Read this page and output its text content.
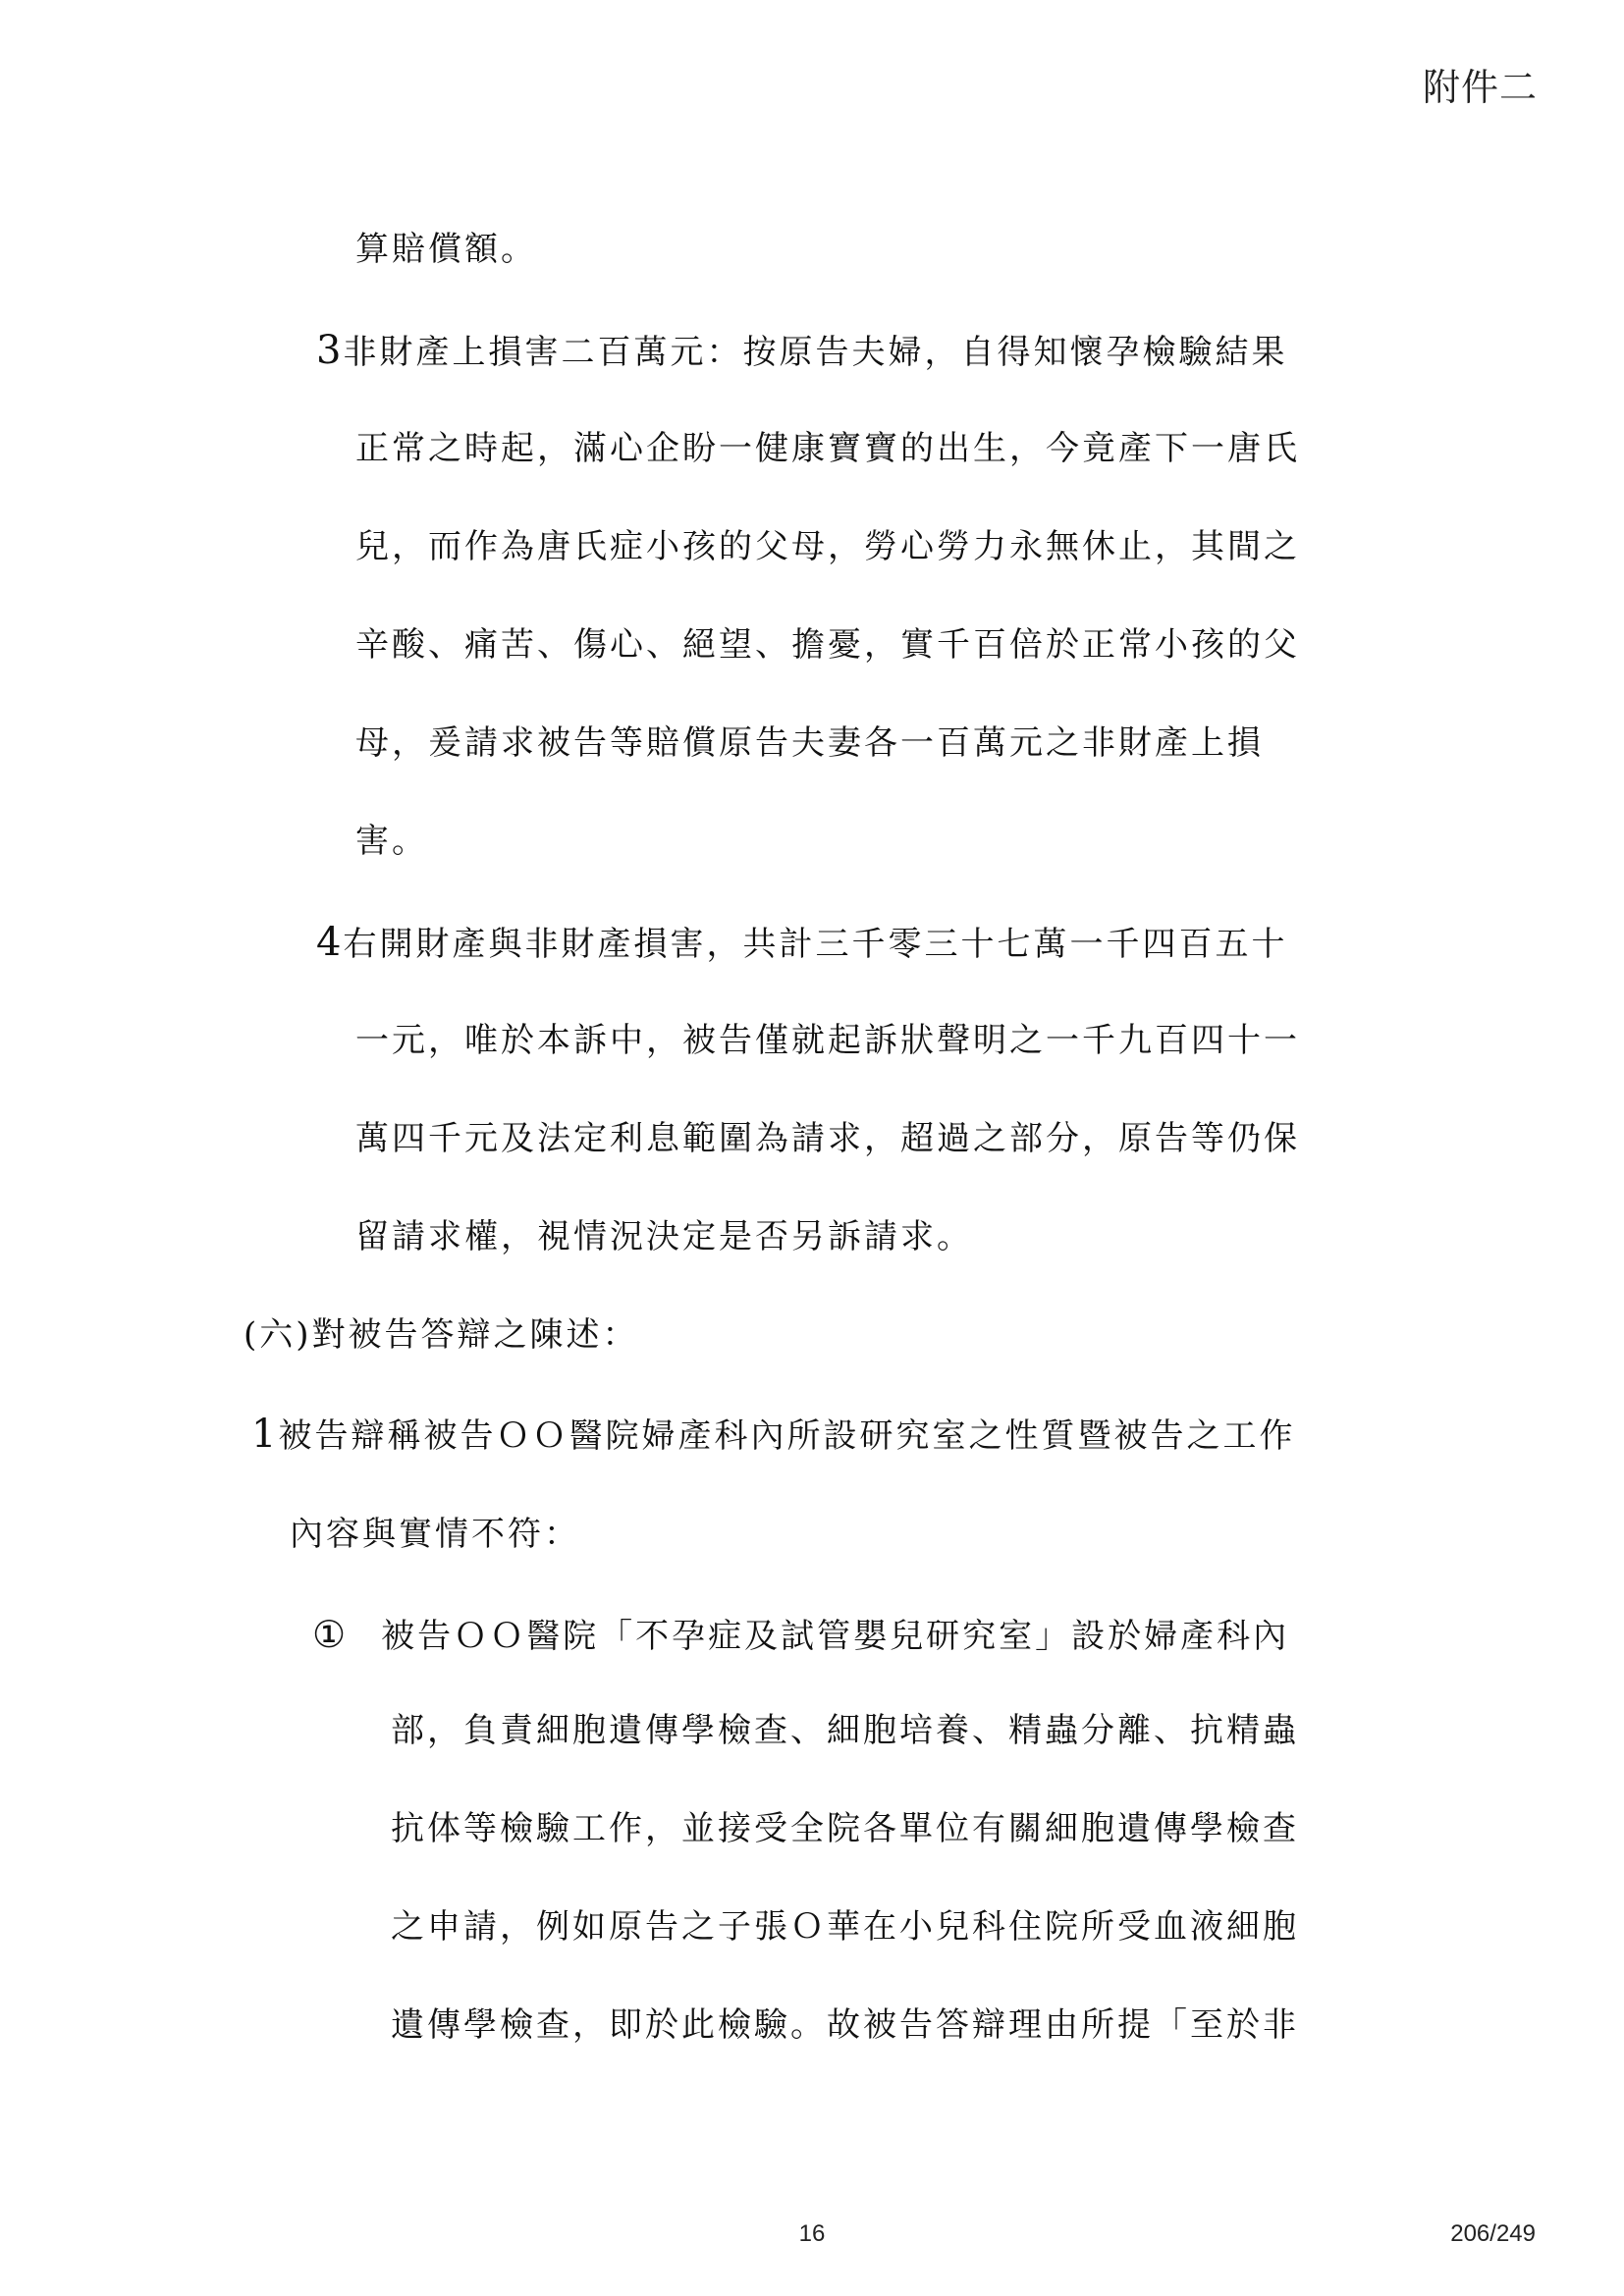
附件二
算賠償額。
3非財產上損害二百萬元：按原告夫婦，自得知懷孕檢驗結果
正常之時起，滿心企盼一健康寶寶的出生，今竟產下一唐氏
兒，而作為唐氏症小孩的父母，勞心勞力永無休止，其間之
辛酸、痛苦、傷心、絕望、擔憂，實千百倍於正常小孩的父
母，爰請求被告等賠償原告夫妻各一百萬元之非財產上損
害。
4右開財產與非財產損害，共計三千零三十七萬一千四百五十
一元，唯於本訴中，被告僅就起訴狀聲明之一千九百四十一
萬四千元及法定利息範圍為請求，超過之部分，原告等仍保
留請求權，視情況決定是否另訴請求。
(六)對被告答辯之陳述：
1被告辯稱被告ＯＯ醫院婦產科內所設研究室之性質暨被告之工作
內容與實情不符：
① 被告ＯＯ醫院「不孕症及試管嬰兒研究室」設於婦產科內
部，負責細胞遺傳學檢查、細胞培養、精蟲分離、抗精蟲
抗体等檢驗工作，並接受全院各單位有關細胞遺傳學檢查
之申請，例如原告之子張Ｏ華在小兒科住院所受血液細胞
遺傳學檢查，即於此檢驗。故被告答辯理由所提「至於非
16	206/249
